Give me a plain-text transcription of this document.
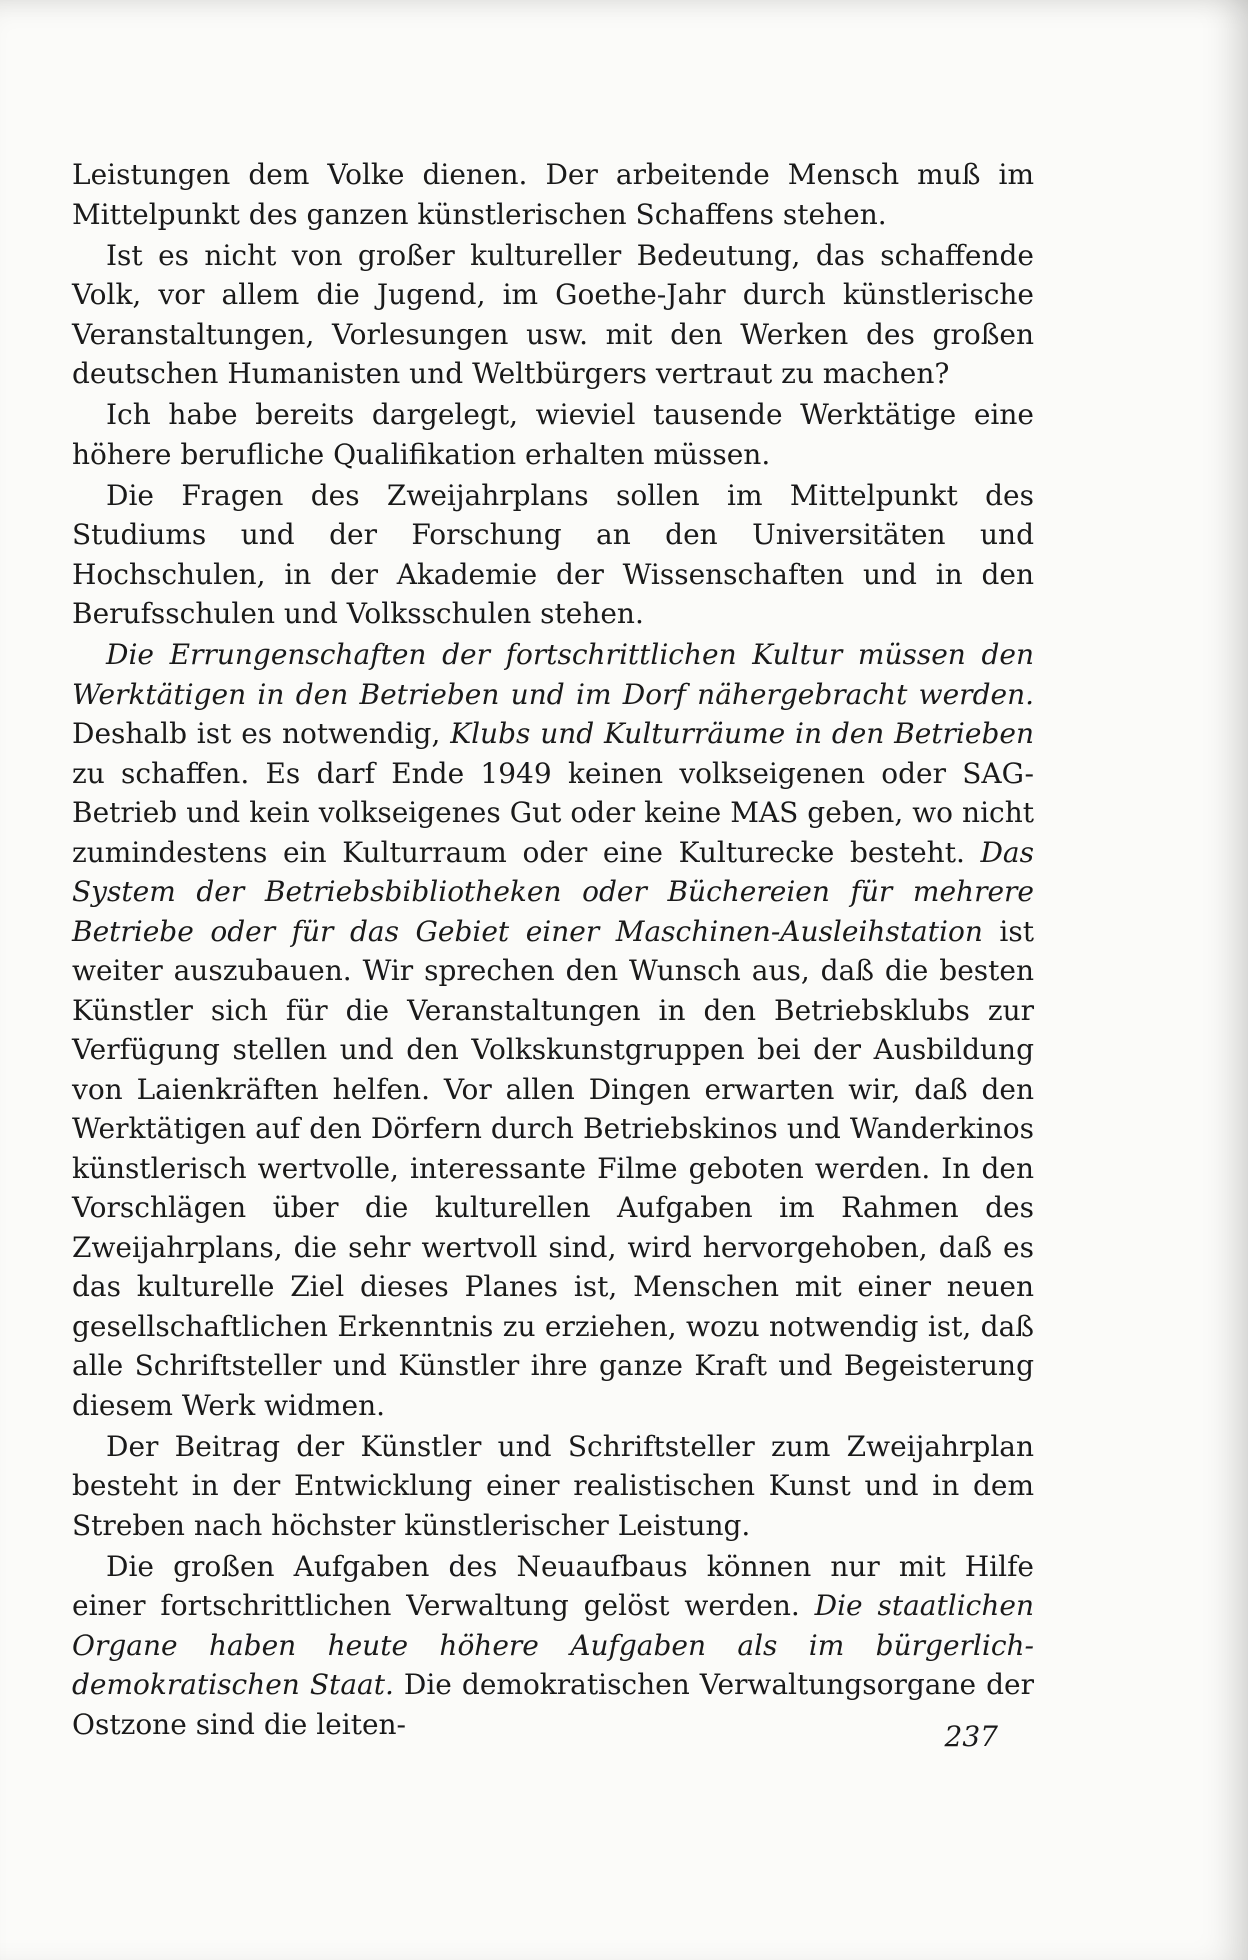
Leistungen dem Volke dienen. Der arbeitende Mensch muß im Mittelpunkt des ganzen künstlerischen Schaffens stehen.

Ist es nicht von großer kultureller Bedeutung, das schaffende Volk, vor allem die Jugend, im Goethe-Jahr durch künstlerische Veranstaltungen, Vorlesungen usw. mit den Werken des großen deutschen Humanisten und Weltbürgers vertraut zu machen?

Ich habe bereits dargelegt, wieviel tausende Werktätige eine höhere berufliche Qualifikation erhalten müssen.

Die Fragen des Zweijahrplans sollen im Mittelpunkt des Studiums und der Forschung an den Universitäten und Hochschulen, in der Akademie der Wissenschaften und in den Berufsschulen und Volksschulen stehen.

Die Errungenschaften der fortschrittlichen Kultur müssen den Werktätigen in den Betrieben und im Dorf nähergebracht werden. Deshalb ist es notwendig, Klubs und Kulturräume in den Betrieben zu schaffen. Es darf Ende 1949 keinen volkseigenen oder SAG-Betrieb und kein volkseigenes Gut oder keine MAS geben, wo nicht zumindestens ein Kulturraum oder eine Kulturecke besteht. Das System der Betriebsbibliotheken oder Büchereien für mehrere Betriebe oder für das Gebiet einer Maschinen-Ausleihstation ist weiter auszubauen. Wir sprechen den Wunsch aus, daß die besten Künstler sich für die Veranstaltungen in den Betriebsklubs zur Verfügung stellen und den Volkskunstgruppen bei der Ausbildung von Laienkräften helfen. Vor allen Dingen erwarten wir, daß den Werktätigen auf den Dörfern durch Betriebskinos und Wanderkinos künstlerisch wertvolle, interessante Filme geboten werden. In den Vorschlägen über die kulturellen Aufgaben im Rahmen des Zweijahrplans, die sehr wertvoll sind, wird hervorgehoben, daß es das kulturelle Ziel dieses Planes ist, Menschen mit einer neuen gesellschaftlichen Erkenntnis zu erziehen, wozu notwendig ist, daß alle Schriftsteller und Künstler ihre ganze Kraft und Begeisterung diesem Werk widmen.

Der Beitrag der Künstler und Schriftsteller zum Zweijahrplan besteht in der Entwicklung einer realistischen Kunst und in dem Streben nach höchster künstlerischer Leistung.

Die großen Aufgaben des Neuaufbaus können nur mit Hilfe einer fortschrittlichen Verwaltung gelöst werden. Die staatlichen Organe haben heute höhere Aufgaben als im bürgerlich-demokratischen Staat. Die demokratischen Verwaltungsorgane der Ostzone sind die leiten-	237
